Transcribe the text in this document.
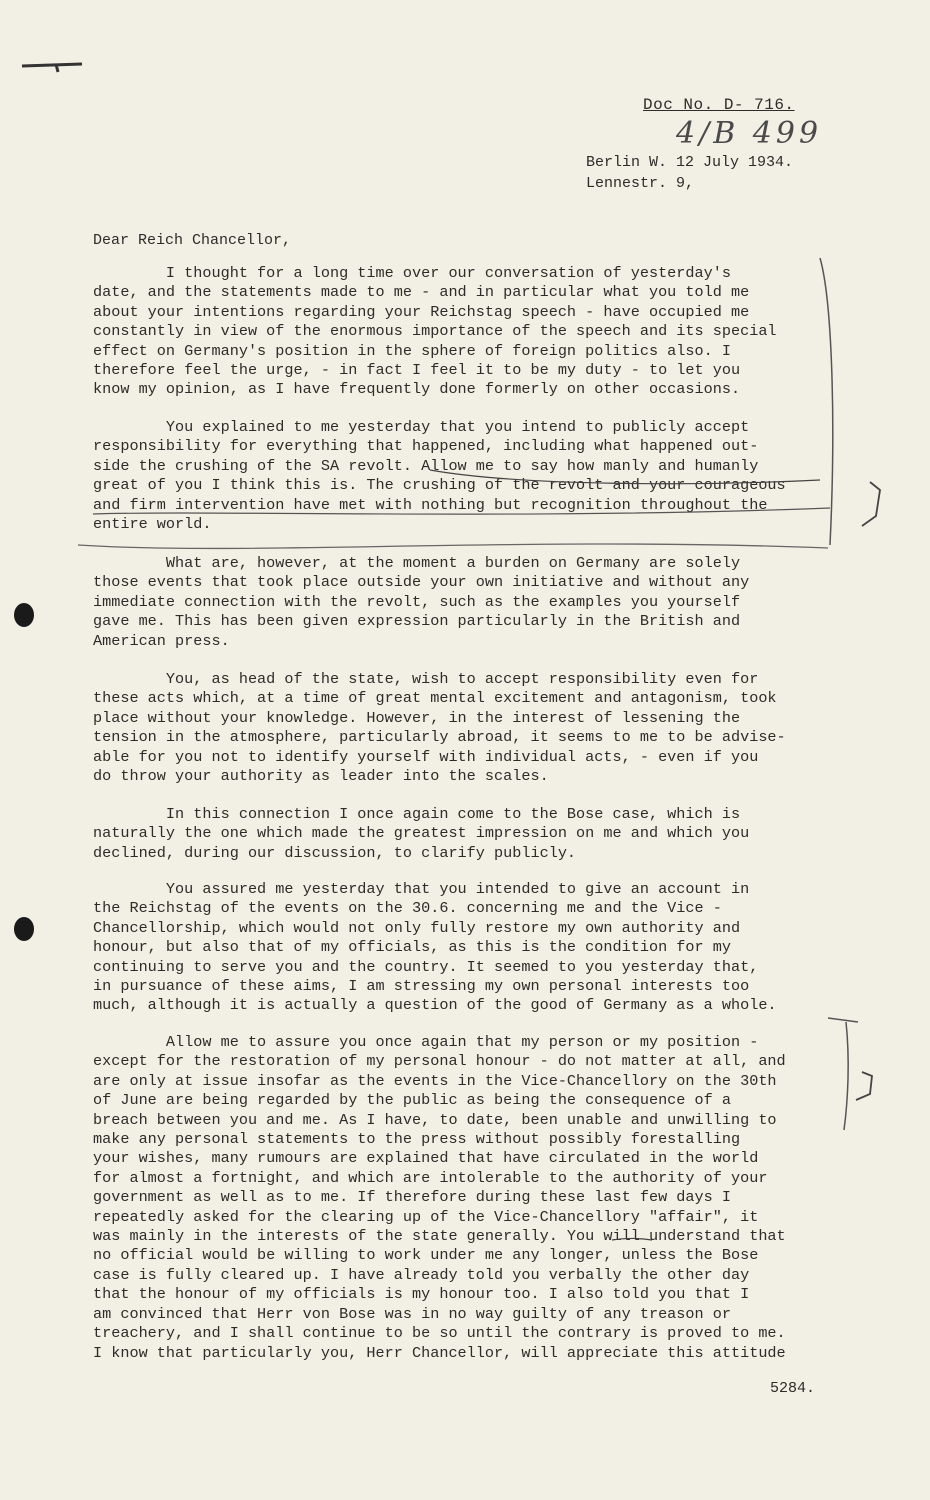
Doc No. D- 716.
4/B 499
Berlin W. 12 July 1934.
Lennestr. 9,
Dear Reich Chancellor,
I thought for a long time over our conversation of yesterday's
date, and the statements made to me - and in particular what you told me
about your intentions regarding your Reichstag speech - have occupied me
constantly in view of the enormous importance of the speech and its special
effect on Germany's position in the sphere of foreign politics also. I
therefore feel the urge, - in fact I feel it to be my duty - to let you
know my opinion, as I have frequently done formerly on other occasions.
You explained to me yesterday that you intend to publicly accept
responsibility for everything that happened, including what happened out-
side the crushing of the SA revolt. Allow me to say how manly and humanly
great of you I think this is. The crushing of the revolt and your courageous
and firm intervention have met with nothing but recognition throughout the
entire world.
What are, however, at the moment a burden on Germany are solely
those events that took place outside your own initiative and without any
immediate connection with the revolt, such as the examples you yourself
gave me. This has been given expression particularly in the British and
American press.
You, as head of the state, wish to accept responsibility even for
these acts which, at a time of great mental excitement and antagonism, took
place without your knowledge. However, in the interest of lessening the
tension in the atmosphere, particularly abroad, it seems to me to be advise-
able for you not to identify yourself with individual acts, - even if you
do throw your authority as leader into the scales.
In this connection I once again come to the Bose case, which is
naturally the one which made the greatest impression on me and which you
declined, during our discussion, to clarify publicly.
You assured me yesterday that you intended to give an account in
the Reichstag of the events on the 30.6. concerning me and the Vice -
Chancellorship, which would not only fully restore my own authority and
honour, but also that of my officials, as this is the condition for my
continuing to serve you and the country. It seemed to you yesterday that,
in pursuance of these aims, I am stressing my own personal interests too
much, although it is actually a question of the good of Germany as a whole.
Allow me to assure you once again that my person or my position -
except for the restoration of my personal honour - do not matter at all, and
are only at issue insofar as the events in the Vice-Chancellory on the 30th
of June are being regarded by the public as being the consequence of a
breach between you and me. As I have, to date, been unable and unwilling to
make any personal statements to the press without possibly forestalling
your wishes, many rumours are explained that have circulated in the world
for almost a fortnight, and which are intolerable to the authority of your
government as well as to me. If therefore during these last few days I
repeatedly asked for the clearing up of the Vice-Chancellory "affair", it
was mainly in the interests of the state generally. You will understand that
no official would be willing to work under me any longer, unless the Bose
case is fully cleared up. I have already told you verbally the other day
that the honour of my officials is my honour too. I also told you that I
am convinced that Herr von Bose was in no way guilty of any treason or
treachery, and I shall continue to be so until the contrary is proved to me.
I know that particularly you, Herr Chancellor, will appreciate this attitude
5284.
